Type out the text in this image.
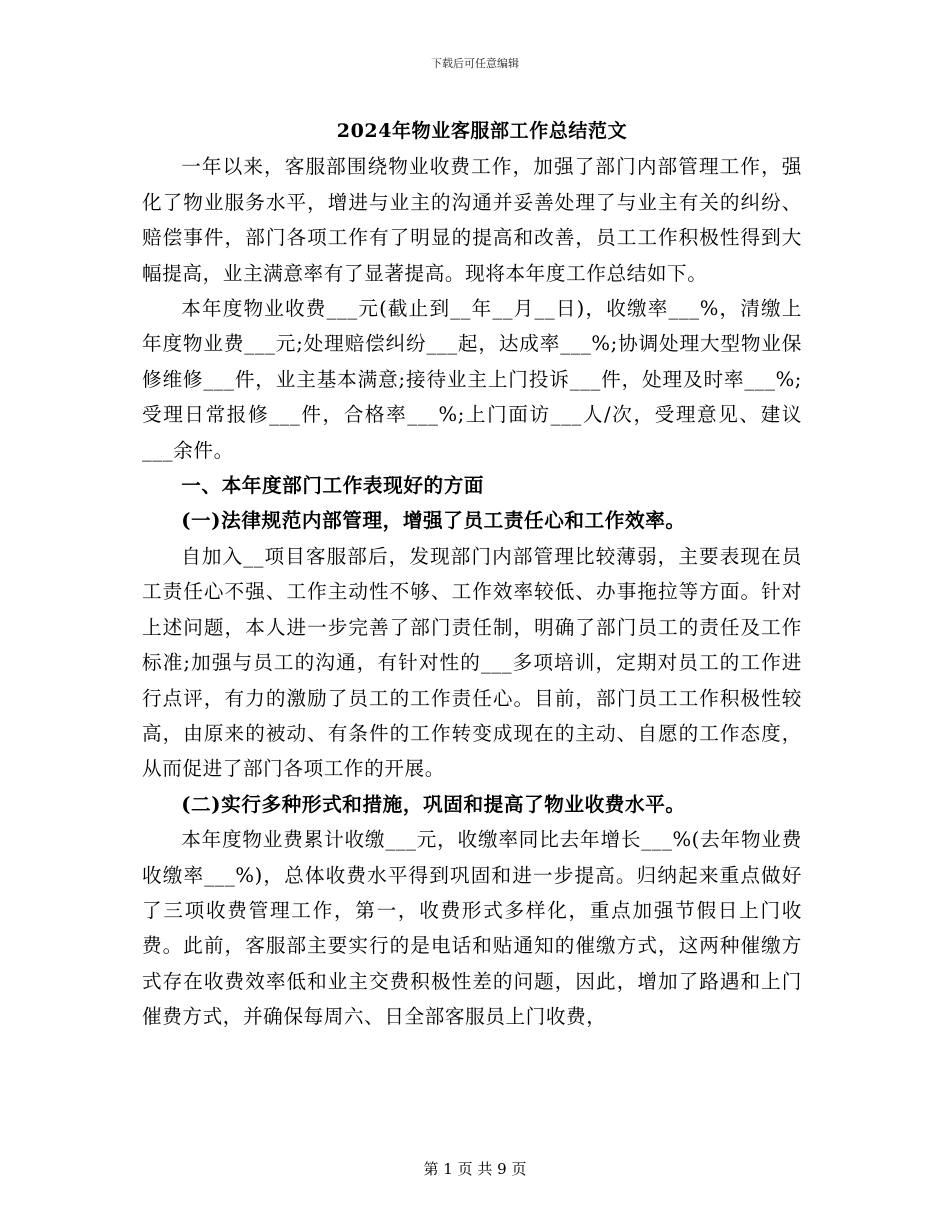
下载后可任意编辑

2024年物业客服部工作总结范文

一年以来，客服部围绕物业收费工作，加强了部门内部管理工作，强化了物业服务水平，增进与业主的沟通并妥善处理了与业主有关的纠纷、赔偿事件，部门各项工作有了明显的提高和改善，员工工作积极性得到大幅提高，业主满意率有了显著提高。现将本年度工作总结如下。

本年度物业收费___元(截止到__年__月__日)，收缴率___%，清缴上年度物业费___元;处理赔偿纠纷___起，达成率___%;协调处理大型物业保修维修___件，业主基本满意;接待业主上门投诉___件，处理及时率___%;受理日常报修___件，合格率___%;上门面访___人/次，受理意见、建议___余件。

一、本年度部门工作表现好的方面

(一)法律规范内部管理，增强了员工责任心和工作效率。

自加入__项目客服部后，发现部门内部管理比较薄弱，主要表现在员工责任心不强、工作主动性不够、工作效率较低、办事拖拉等方面。针对上述问题，本人进一步完善了部门责任制，明确了部门员工的责任及工作标准;加强与员工的沟通，有针对性的___多项培训，定期对员工的工作进行点评，有力的激励了员工的工作责任心。目前，部门员工工作积极性较高，由原来的被动、有条件的工作转变成现在的主动、自愿的工作态度，从而促进了部门各项工作的开展。

(二)实行多种形式和措施，巩固和提高了物业收费水平。

本年度物业费累计收缴___元，收缴率同比去年增长___%(去年物业费收缴率___%)，总体收费水平得到巩固和进一步提高。归纳起来重点做好了三项收费管理工作，第一，收费形式多样化，重点加强节假日上门收费。此前，客服部主要实行的是电话和贴通知的催缴方式，这两种催缴方式存在收费效率低和业主交费积极性差的问题，因此，增加了路遇和上门催费方式，并确保每周六、日全部客服员上门收费，

第 1 页 共 9 页
